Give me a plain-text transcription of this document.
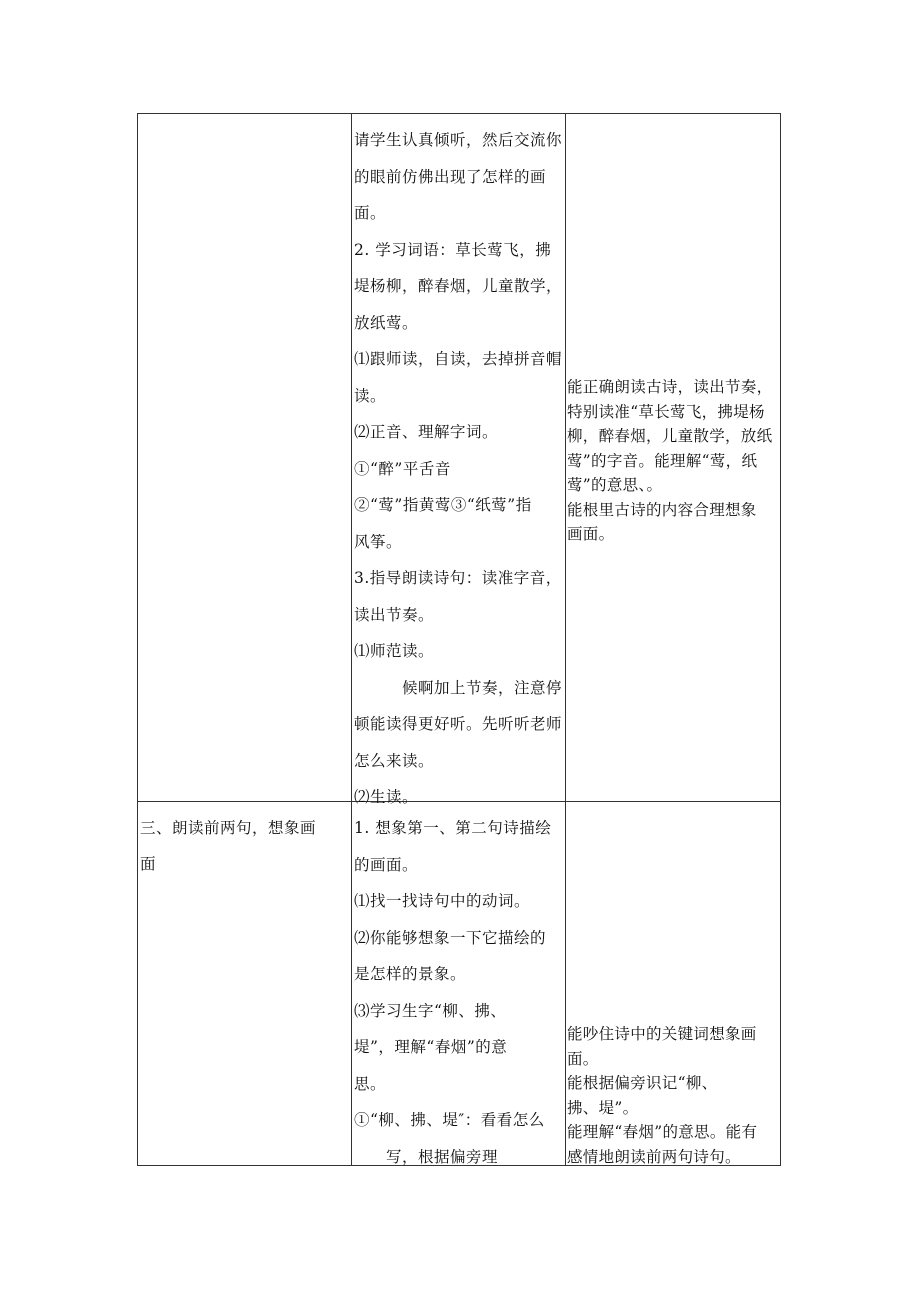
请学生认真倾听，然后交流你

的眼前仿佛出现了怎样的画

面。

2. 学习词语：草长莺飞，拂

堤杨柳，醉春烟，儿童散学，

放纸莺。

⑴跟师读，自读，去掉拼音帽

读。

⑵正音、理解字词。

①“醉”平舌音

②“莺”指黄莺③“纸莺”指

风筝。

3.指导朗读诗句：读准字音，

读出节奏。

⑴师范读。

　　　候啊加上节奏，注意停

顿能读得更好听。先听听老师

怎么来读。

⑵生读。

能正确朗读古诗，读出节奏，

特别读准“草长莺飞，拂堤杨

柳，醉春烟，儿童散学，放纸

莺”的字音。能理解“莺，纸

莺”的意思、。

能根里古诗的内容合理想象

画面。

三、朗读前两句，想象画

面

1. 想象第一、第二句诗描绘

的画面。

⑴找一找诗句中的动词。

⑵你能够想象一下它描绘的

是怎样的景象。

⑶学习生字“柳、拂、

堤”，理解“春烟”的意

思。

①“柳、拂、堤″：看看怎么

　　写，根据偏旁理

能吵住诗中的关键词想象画

面。

能根据偏旁识记“柳、

拂、堤”。

能理解“春烟”的意思。能有

感情地朗读前两句诗句。
